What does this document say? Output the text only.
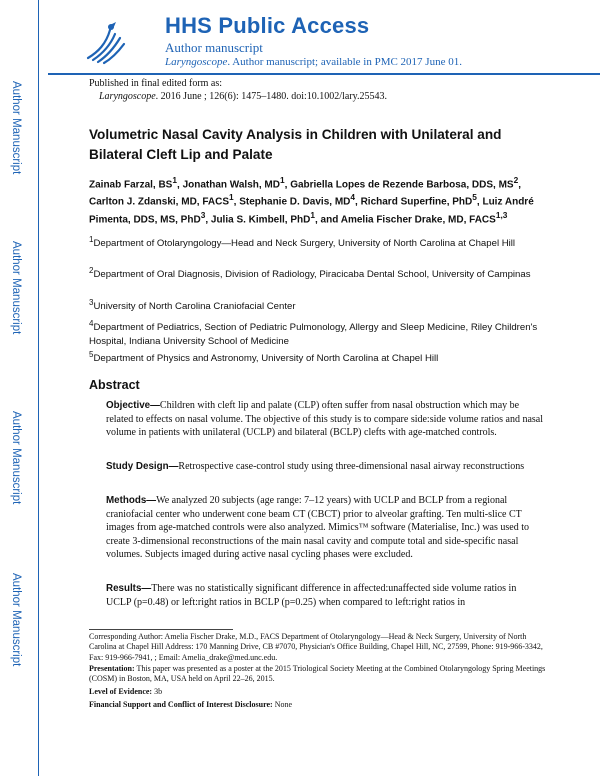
Author Manuscript
Author Manuscript
Author Manuscript
Author Manuscript
HHS Public Access
Author manuscript
Laryngoscope. Author manuscript; available in PMC 2017 June 01.
Published in final edited form as:
Laryngoscope. 2016 June ; 126(6): 1475–1480. doi:10.1002/lary.25543.
Volumetric Nasal Cavity Analysis in Children with Unilateral and Bilateral Cleft Lip and Palate
Zainab Farzal, $BS^1$, Jonathan Walsh, $MD^1$, Gabriella Lopes de Rezende Barbosa, DDS, $MS^2$, Carlton J. Zdanski, MD, FACS$^1$, Stephanie D. Davis, $MD^4$, Richard Superfine, PhD$^5$, Luiz André Pimenta, DDS, MS, PhD$^3$, Julia S. Kimbell, PhD$^1$, and Amelia Fischer Drake, MD, FACS$^{1,3}$
$^1$Department of Otolaryngology—Head and Neck Surgery, University of North Carolina at Chapel Hill
$^2$Department of Oral Diagnosis, Division of Radiology, Piracicaba Dental School, University of Campinas
$^3$University of North Carolina Craniofacial Center
$^4$Department of Pediatrics, Section of Pediatric Pulmonology, Allergy and Sleep Medicine, Riley Children's Hospital, Indiana University School of Medicine
$^5$Department of Physics and Astronomy, University of North Carolina at Chapel Hill
Abstract
Objective—Children with cleft lip and palate (CLP) often suffer from nasal obstruction which may be related to effects on nasal volume. The objective of this study is to compare side:side volume ratios and nasal volume in patients with unilateral (UCLP) and bilateral (BCLP) clefts with age-matched controls.
Study Design—Retrospective case-control study using three-dimensional nasal airway reconstructions
Methods—We analyzed 20 subjects (age range: 7–12 years) with UCLP and BCLP from a regional craniofacial center who underwent cone beam CT (CBCT) prior to alveolar grafting. Ten multi-slice CT images from age-matched controls were also analyzed. Mimics™ software (Materialise, Inc.) was used to create 3-dimensional reconstructions of the main nasal cavity and compute total and side-specific nasal volumes. Subjects imaged during active nasal cycling phases were excluded.
Results—There was no statistically significant difference in affected:unaffected side volume ratios in UCLP (p=0.48) or left:right ratios in BCLP (p=0.25) when compared to left:right ratios in
Corresponding Author: Amelia Fischer Drake, M.D., FACS Department of Otolaryngology—Head & Neck Surgery, University of North Carolina at Chapel Hill Address: 170 Manning Drive, CB #7070, Physician's Office Building, Chapel Hill, NC, 27599, Phone: 919-966-3342, Fax: 919-966-7941, ; Email: Amelia_drake@med.unc.edu.
Presentation: This paper was presented as a poster at the 2015 Triological Society Meeting at the Combined Otolaryngology Spring Meetings (COSM) in Boston, MA, USA held on April 22–26, 2015.
Level of Evidence: 3b
Financial Support and Conflict of Interest Disclosure: None
